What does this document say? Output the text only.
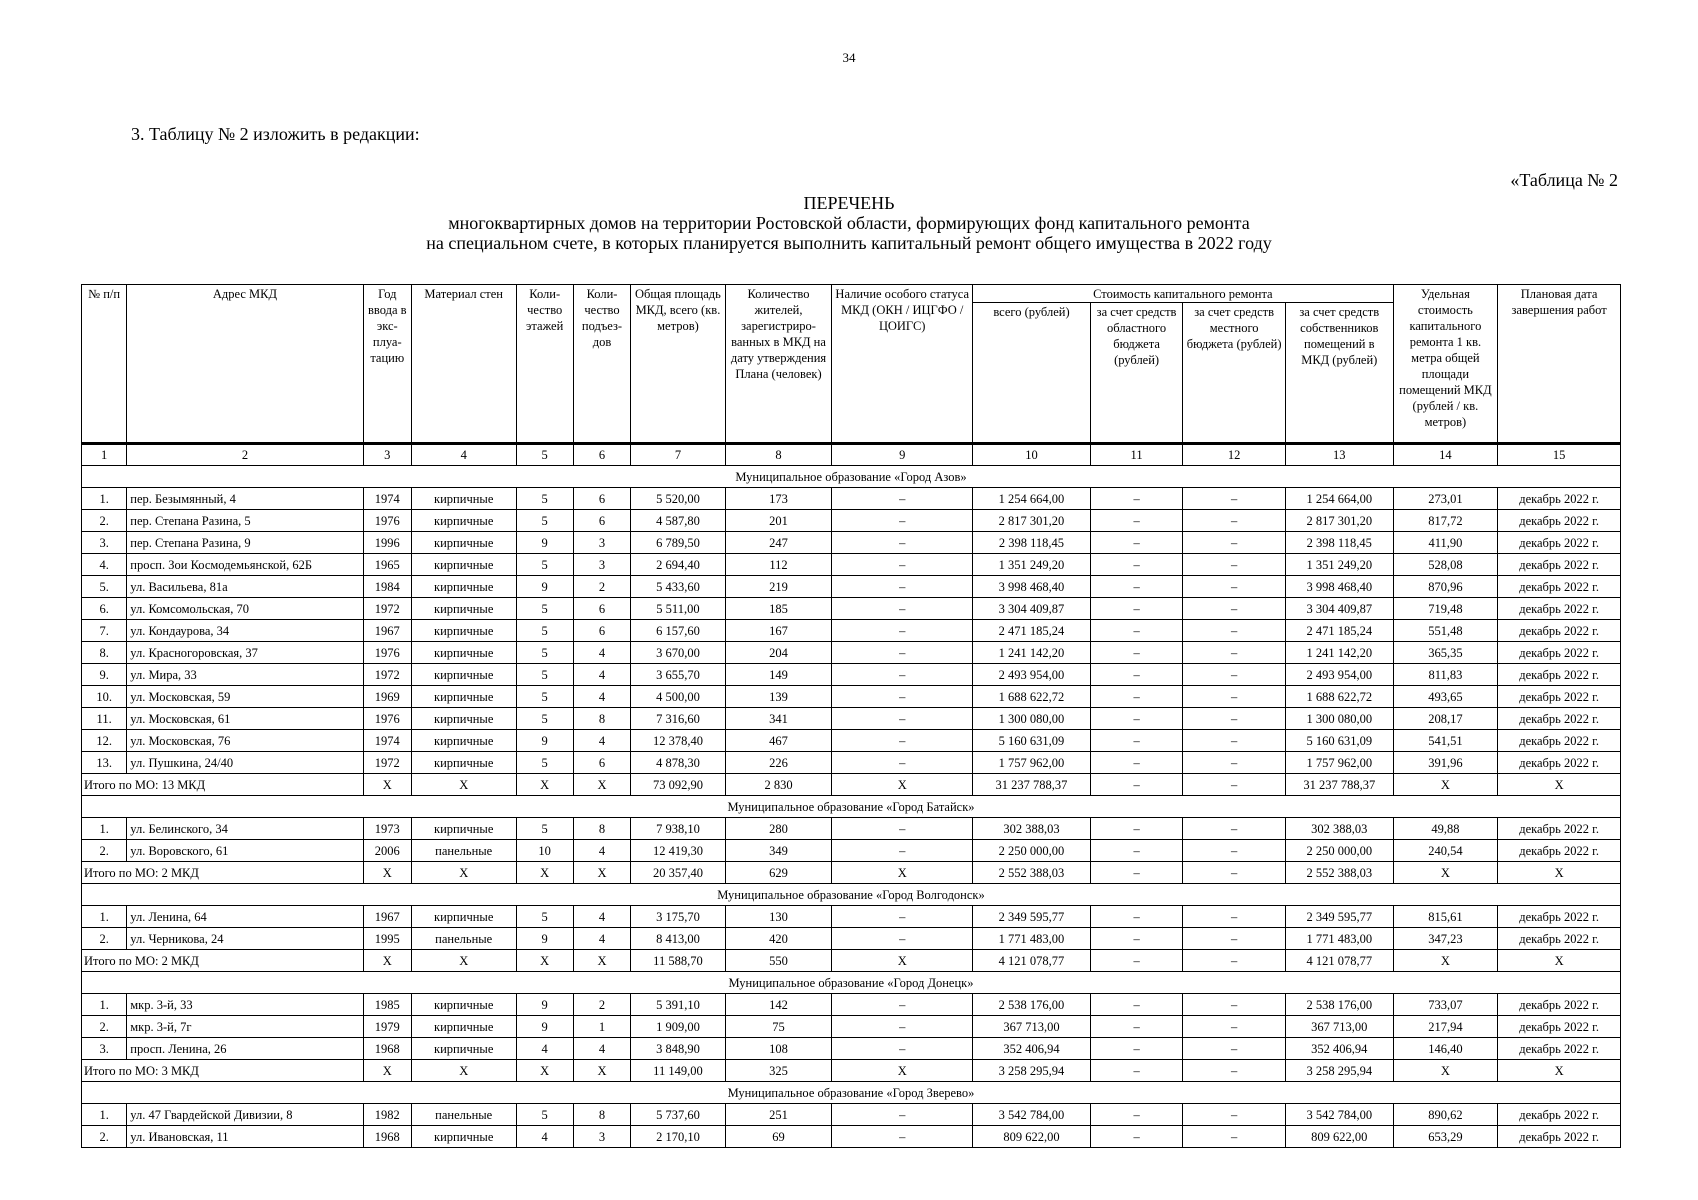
34
3. Таблицу № 2 изложить в редакции:
«Таблица № 2
ПЕРЕЧЕНЬ
многоквартирных домов на территории Ростовской области, формирующих фонд капитального ремонта
на специальном счете, в которых планируется выполнить капитальный ремонт общего имущества в 2022 году
№ п/п	Адрес МКД	Год ввода в экс- плуа- тацию	Материал стен	Коли- чество этажей	Коли- чество подъез- дов	Общая площадь МКД, всего (кв. метров)	Количество жителей, зарегистриро- ванных в МКД на дату утверждения Плана (человек)	Наличие особого статуса МКД (ОКН / ИЦГФО / ЦОИГС)	Стоимость капитального ремонта				Удельная стоимость капитального ремонта 1 кв. метра общей площади помещений МКД (рублей / кв. метров)	Плановая дата завершения работ
									всего (рублей)	за счет средств областного бюджета (рублей)	за счет средств местного бюджета (рублей)	за счет средств собственников помещений в МКД (рублей)		
1	2	3	4	5	6	7	8	9	10	11	12	13	14	15
Муниципальное образование «Город Азов»														
1.	пер. Безымянный, 4	1974	кирпичные	5	6	5 520,00	173	–	1 254 664,00	–	–	1 254 664,00	273,01	декабрь 2022 г.
2.	пер. Степана Разина, 5	1976	кирпичные	5	6	4 587,80	201	–	2 817 301,20	–	–	2 817 301,20	817,72	декабрь 2022 г.
3.	пер. Степана Разина, 9	1996	кирпичные	9	3	6 789,50	247	–	2 398 118,45	–	–	2 398 118,45	411,90	декабрь 2022 г.
4.	просп. Зои Космодемьянской, 62Б	1965	кирпичные	5	3	2 694,40	112	–	1 351 249,20	–	–	1 351 249,20	528,08	декабрь 2022 г.
5.	ул. Васильева, 81а	1984	кирпичные	9	2	5 433,60	219	–	3 998 468,40	–	–	3 998 468,40	870,96	декабрь 2022 г.
6.	ул. Комсомольская, 70	1972	кирпичные	5	6	5 511,00	185	–	3 304 409,87	–	–	3 304 409,87	719,48	декабрь 2022 г.
7.	ул. Кондаурова, 34	1967	кирпичные	5	6	6 157,60	167	–	2 471 185,24	–	–	2 471 185,24	551,48	декабрь 2022 г.
8.	ул. Красногоровская, 37	1976	кирпичные	5	4	3 670,00	204	–	1 241 142,20	–	–	1 241 142,20	365,35	декабрь 2022 г.
9.	ул. Мира, 33	1972	кирпичные	5	4	3 655,70	149	–	2 493 954,00	–	–	2 493 954,00	811,83	декабрь 2022 г.
10.	ул. Московская, 59	1969	кирпичные	5	4	4 500,00	139	–	1 688 622,72	–	–	1 688 622,72	493,65	декабрь 2022 г.
11.	ул. Московская, 61	1976	кирпичные	5	8	7 316,60	341	–	1 300 080,00	–	–	1 300 080,00	208,17	декабрь 2022 г.
12.	ул. Московская, 76	1974	кирпичные	9	4	12 378,40	467	–	5 160 631,09	–	–	5 160 631,09	541,51	декабрь 2022 г.
13.	ул. Пушкина, 24/40	1972	кирпичные	5	6	4 878,30	226	–	1 757 962,00	–	–	1 757 962,00	391,96	декабрь 2022 г.
Итого по МО: 13 МКД		X	X	X	X	73 092,90	2 830	X	31 237 788,37	–	–	31 237 788,37	X	X
Муниципальное образование «Город Батайск»														
1.	ул. Белинского, 34	1973	кирпичные	5	8	7 938,10	280	–	302 388,03	–	–	302 388,03	49,88	декабрь 2022 г.
2.	ул. Воровского, 61	2006	панельные	10	4	12 419,30	349	–	2 250 000,00	–	–	2 250 000,00	240,54	декабрь 2022 г.
Итого по МО: 2 МКД		X	X	X	X	20 357,40	629	X	2 552 388,03	–	–	2 552 388,03	X	X
Муниципальное образование «Город Волгодонск»														
1.	ул. Ленина, 64	1967	кирпичные	5	4	3 175,70	130	–	2 349 595,77	–	–	2 349 595,77	815,61	декабрь 2022 г.
2.	ул. Черникова, 24	1995	панельные	9	4	8 413,00	420	–	1 771 483,00	–	–	1 771 483,00	347,23	декабрь 2022 г.
Итого по МО: 2 МКД		X	X	X	X	11 588,70	550	X	4 121 078,77	–	–	4 121 078,77	X	X
Муниципальное образование «Город Донецк»														
1.	мкр. 3-й, 33	1985	кирпичные	9	2	5 391,10	142	–	2 538 176,00	–	–	2 538 176,00	733,07	декабрь 2022 г.
2.	мкр. 3-й, 7г	1979	кирпичные	9	1	1 909,00	75	–	367 713,00	–	–	367 713,00	217,94	декабрь 2022 г.
3.	просп. Ленина, 26	1968	кирпичные	4	4	3 848,90	108	–	352 406,94	–	–	352 406,94	146,40	декабрь 2022 г.
Итого по МО: 3 МКД		X	X	X	X	11 149,00	325	X	3 258 295,94	–	–	3 258 295,94	X	X
Муниципальное образование «Город Зверево»														
1.	ул. 47 Гвардейской Дивизии, 8	1982	панельные	5	8	5 737,60	251	–	3 542 784,00	–	–	3 542 784,00	890,62	декабрь 2022 г.
2.	ул. Ивановская, 11	1968	кирпичные	4	3	2 170,10	69	–	809 622,00	–	–	809 622,00	653,29	декабрь 2022 г.
